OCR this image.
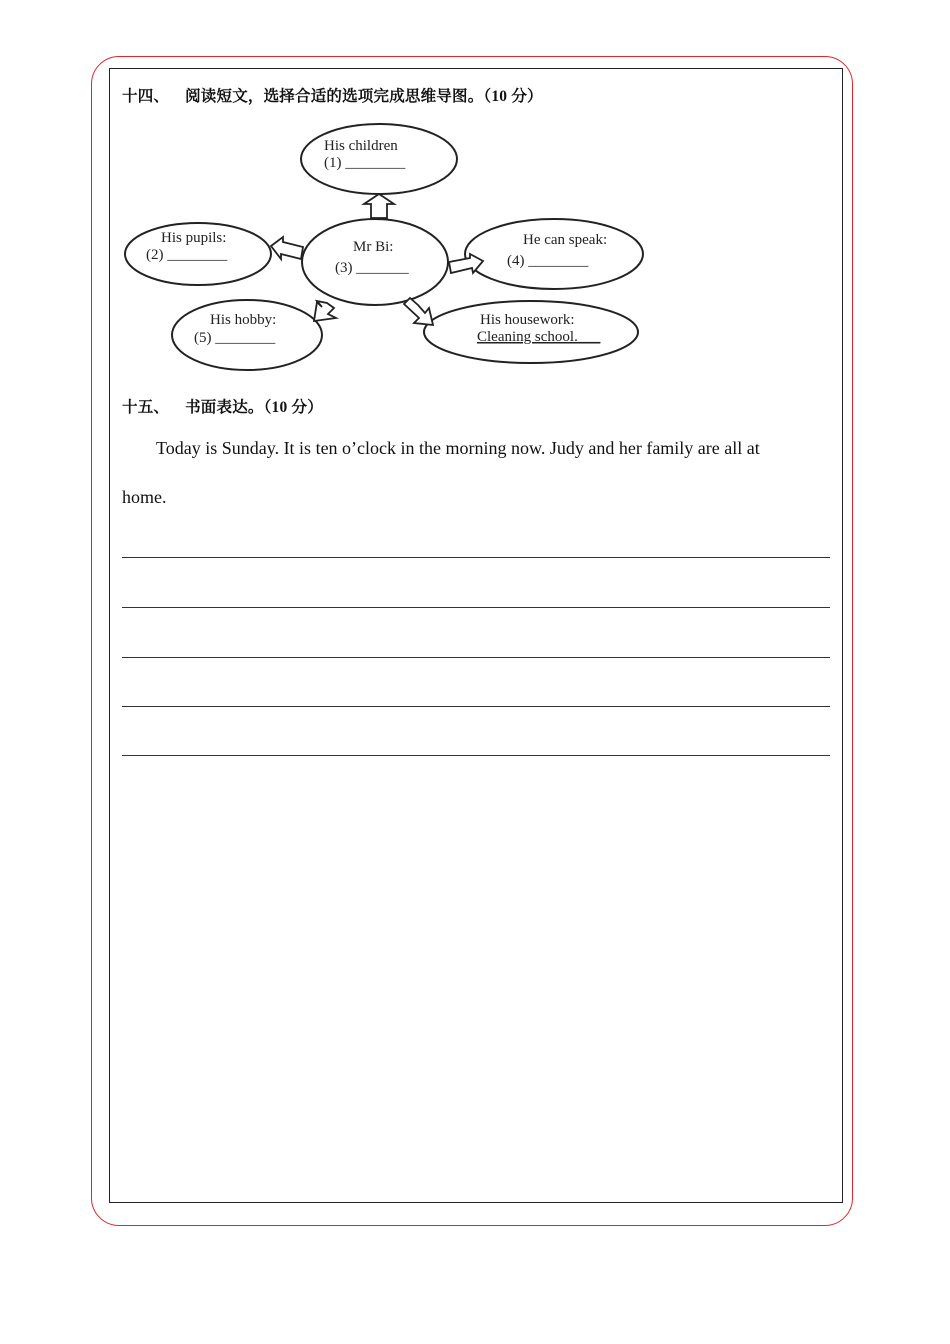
十四、 阅读短文，选择合适的选项完成思维导图。（10 分）
His children
(1) ________
His pupils:
(2) ________	Mr Bi:
(3) _______
He can speak:
(4) ________
His hobby:
(5) ________
His housework:
Cleaning school.___
十五、 书面表达。（10 分）
Today is Sunday. It is ten o’clock in the morning now. Judy and her family are all at
home.
